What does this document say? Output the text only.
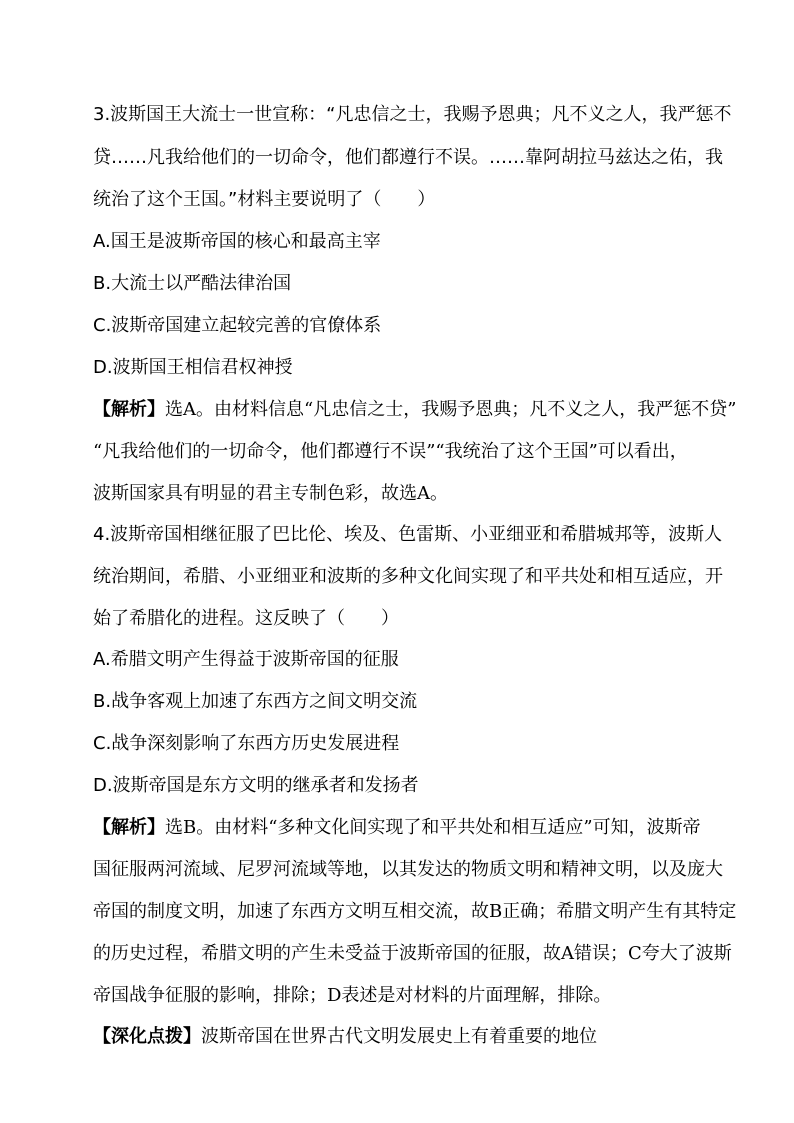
3.波斯国王大流士一世宣称：“凡忠信之士，我赐予恩典；凡不义之人，我严惩不
贷……凡我给他们的一切命令，他们都遵行不误。……靠阿胡拉马兹达之佑，我
统治了这个王国。”材料主要说明了（　　）
A.国王是波斯帝国的核心和最高主宰
B.大流士以严酷法律治国
C.波斯帝国建立起较完善的官僚体系
D.波斯国王相信君权神授
【解析】选A。由材料信息“凡忠信之士，我赐予恩典；凡不义之人，我严惩不贷”
“凡我给他们的一切命令，他们都遵行不误”“我统治了这个王国”可以看出，
波斯国家具有明显的君主专制色彩，故选A。
4.波斯帝国相继征服了巴比伦、埃及、色雷斯、小亚细亚和希腊城邦等，波斯人
统治期间，希腊、小亚细亚和波斯的多种文化间实现了和平共处和相互适应，开
始了希腊化的进程。这反映了（　　）
A.希腊文明产生得益于波斯帝国的征服
B.战争客观上加速了东西方之间文明交流
C.战争深刻影响了东西方历史发展进程
D.波斯帝国是东方文明的继承者和发扬者
【解析】选B。由材料“多种文化间实现了和平共处和相互适应”可知，波斯帝
国征服两河流域、尼罗河流域等地，以其发达的物质文明和精神文明，以及庞大
帝国的制度文明，加速了东西方文明互相交流，故B正确；希腊文明产生有其特定
的历史过程，希腊文明的产生未受益于波斯帝国的征服，故A错误；C夸大了波斯
帝国战争征服的影响，排除；D表述是对材料的片面理解，排除。
【深化点拨】波斯帝国在世界古代文明发展史上有着重要的地位
